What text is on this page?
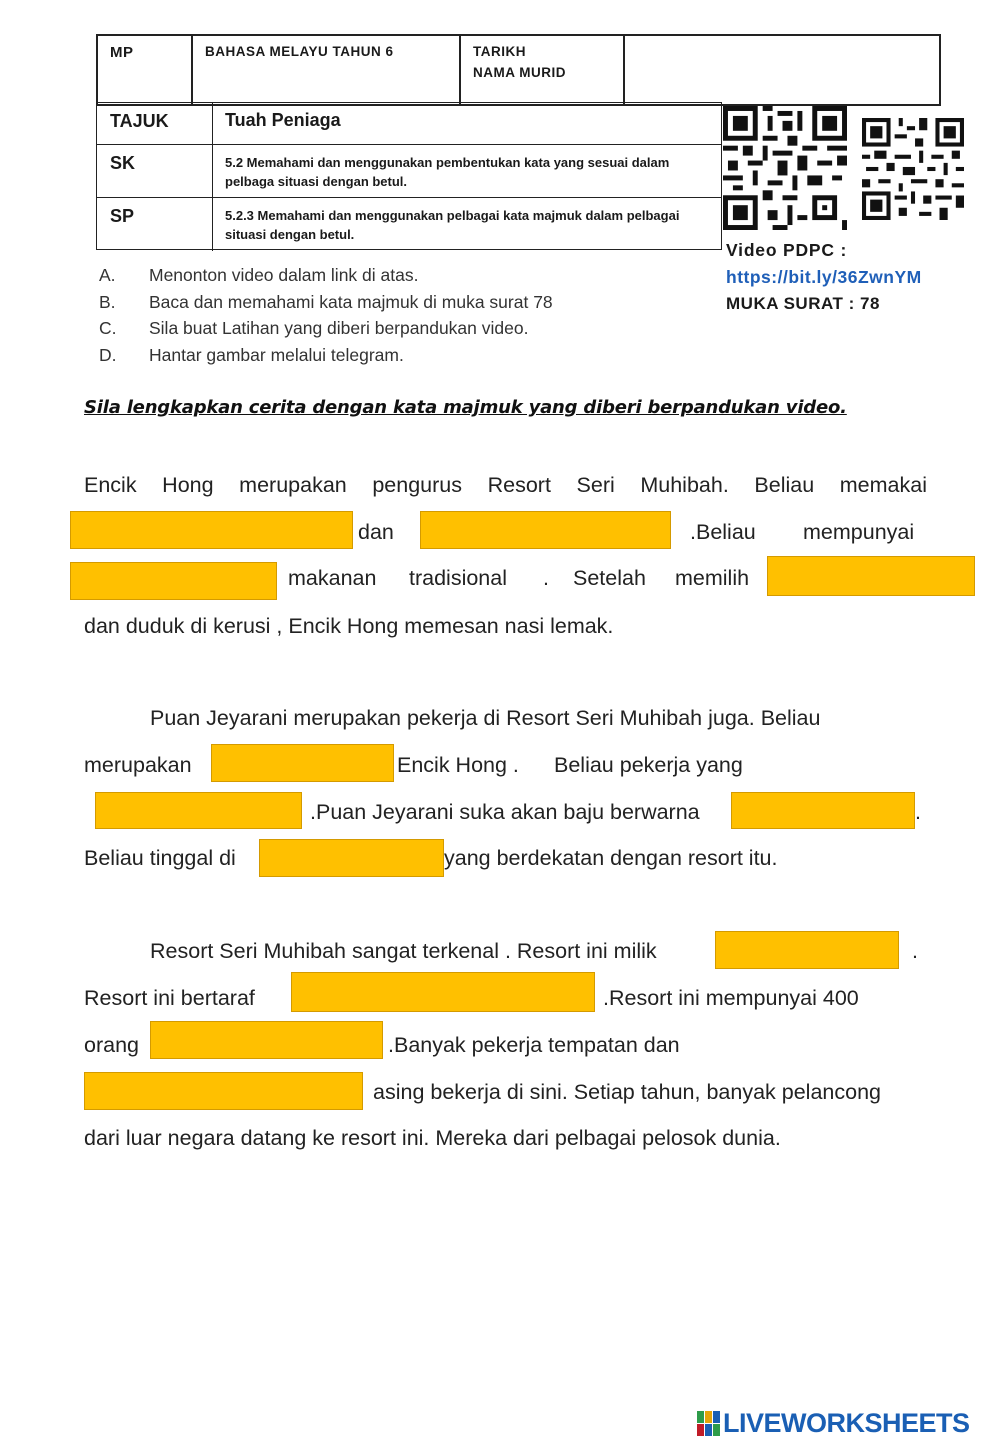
MP	BAHASA MELAYU TAHUN 6	TARIKH
NAMA MURID
TAJUK	Tuah Peniaga
SK	5.2 Memahami dan menggunakan pembentukan kata yang sesuai dalam pelbaga situasi dengan betul.
SP	5.2.3 Memahami dan menggunakan pelbagai kata majmuk dalam pelbagai situasi dengan betul.
Video PDPC :
https://bit.ly/36ZwnYM
MUKA SURAT : 78
A. Menonton video dalam link di atas.
B. Baca dan memahami kata majmuk di muka surat 78
C. Sila buat Latihan yang diberi berpandukan video.
D. Hantar gambar melalui telegram.
Sila lengkapkan cerita dengan kata majmuk yang diberi berpandukan video.
Encik Hong merupakan pengurus Resort Seri Muhibah. Beliau memakai
dan	.Beliau mempunyai
makanan tradisional . Setelah memilih
dan duduk di kerusi , Encik Hong memesan nasi lemak.
Puan Jeyarani merupakan pekerja di Resort Seri Muhibah juga. Beliau
merupakan	Encik Hong . Beliau pekerja yang
.Puan Jeyarani suka akan baju berwarna	.
Beliau tinggal di	yang berdekatan dengan resort itu.
Resort Seri Muhibah sangat terkenal . Resort ini milik	.
Resort ini bertaraf	.Resort ini mempunyai 400
orang	.Banyak pekerja tempatan dan
asing bekerja di sini. Setiap tahun, banyak pelancong
dari luar negara datang ke resort ini. Mereka dari pelbagai pelosok dunia.
LIVEWORKSHEETS
